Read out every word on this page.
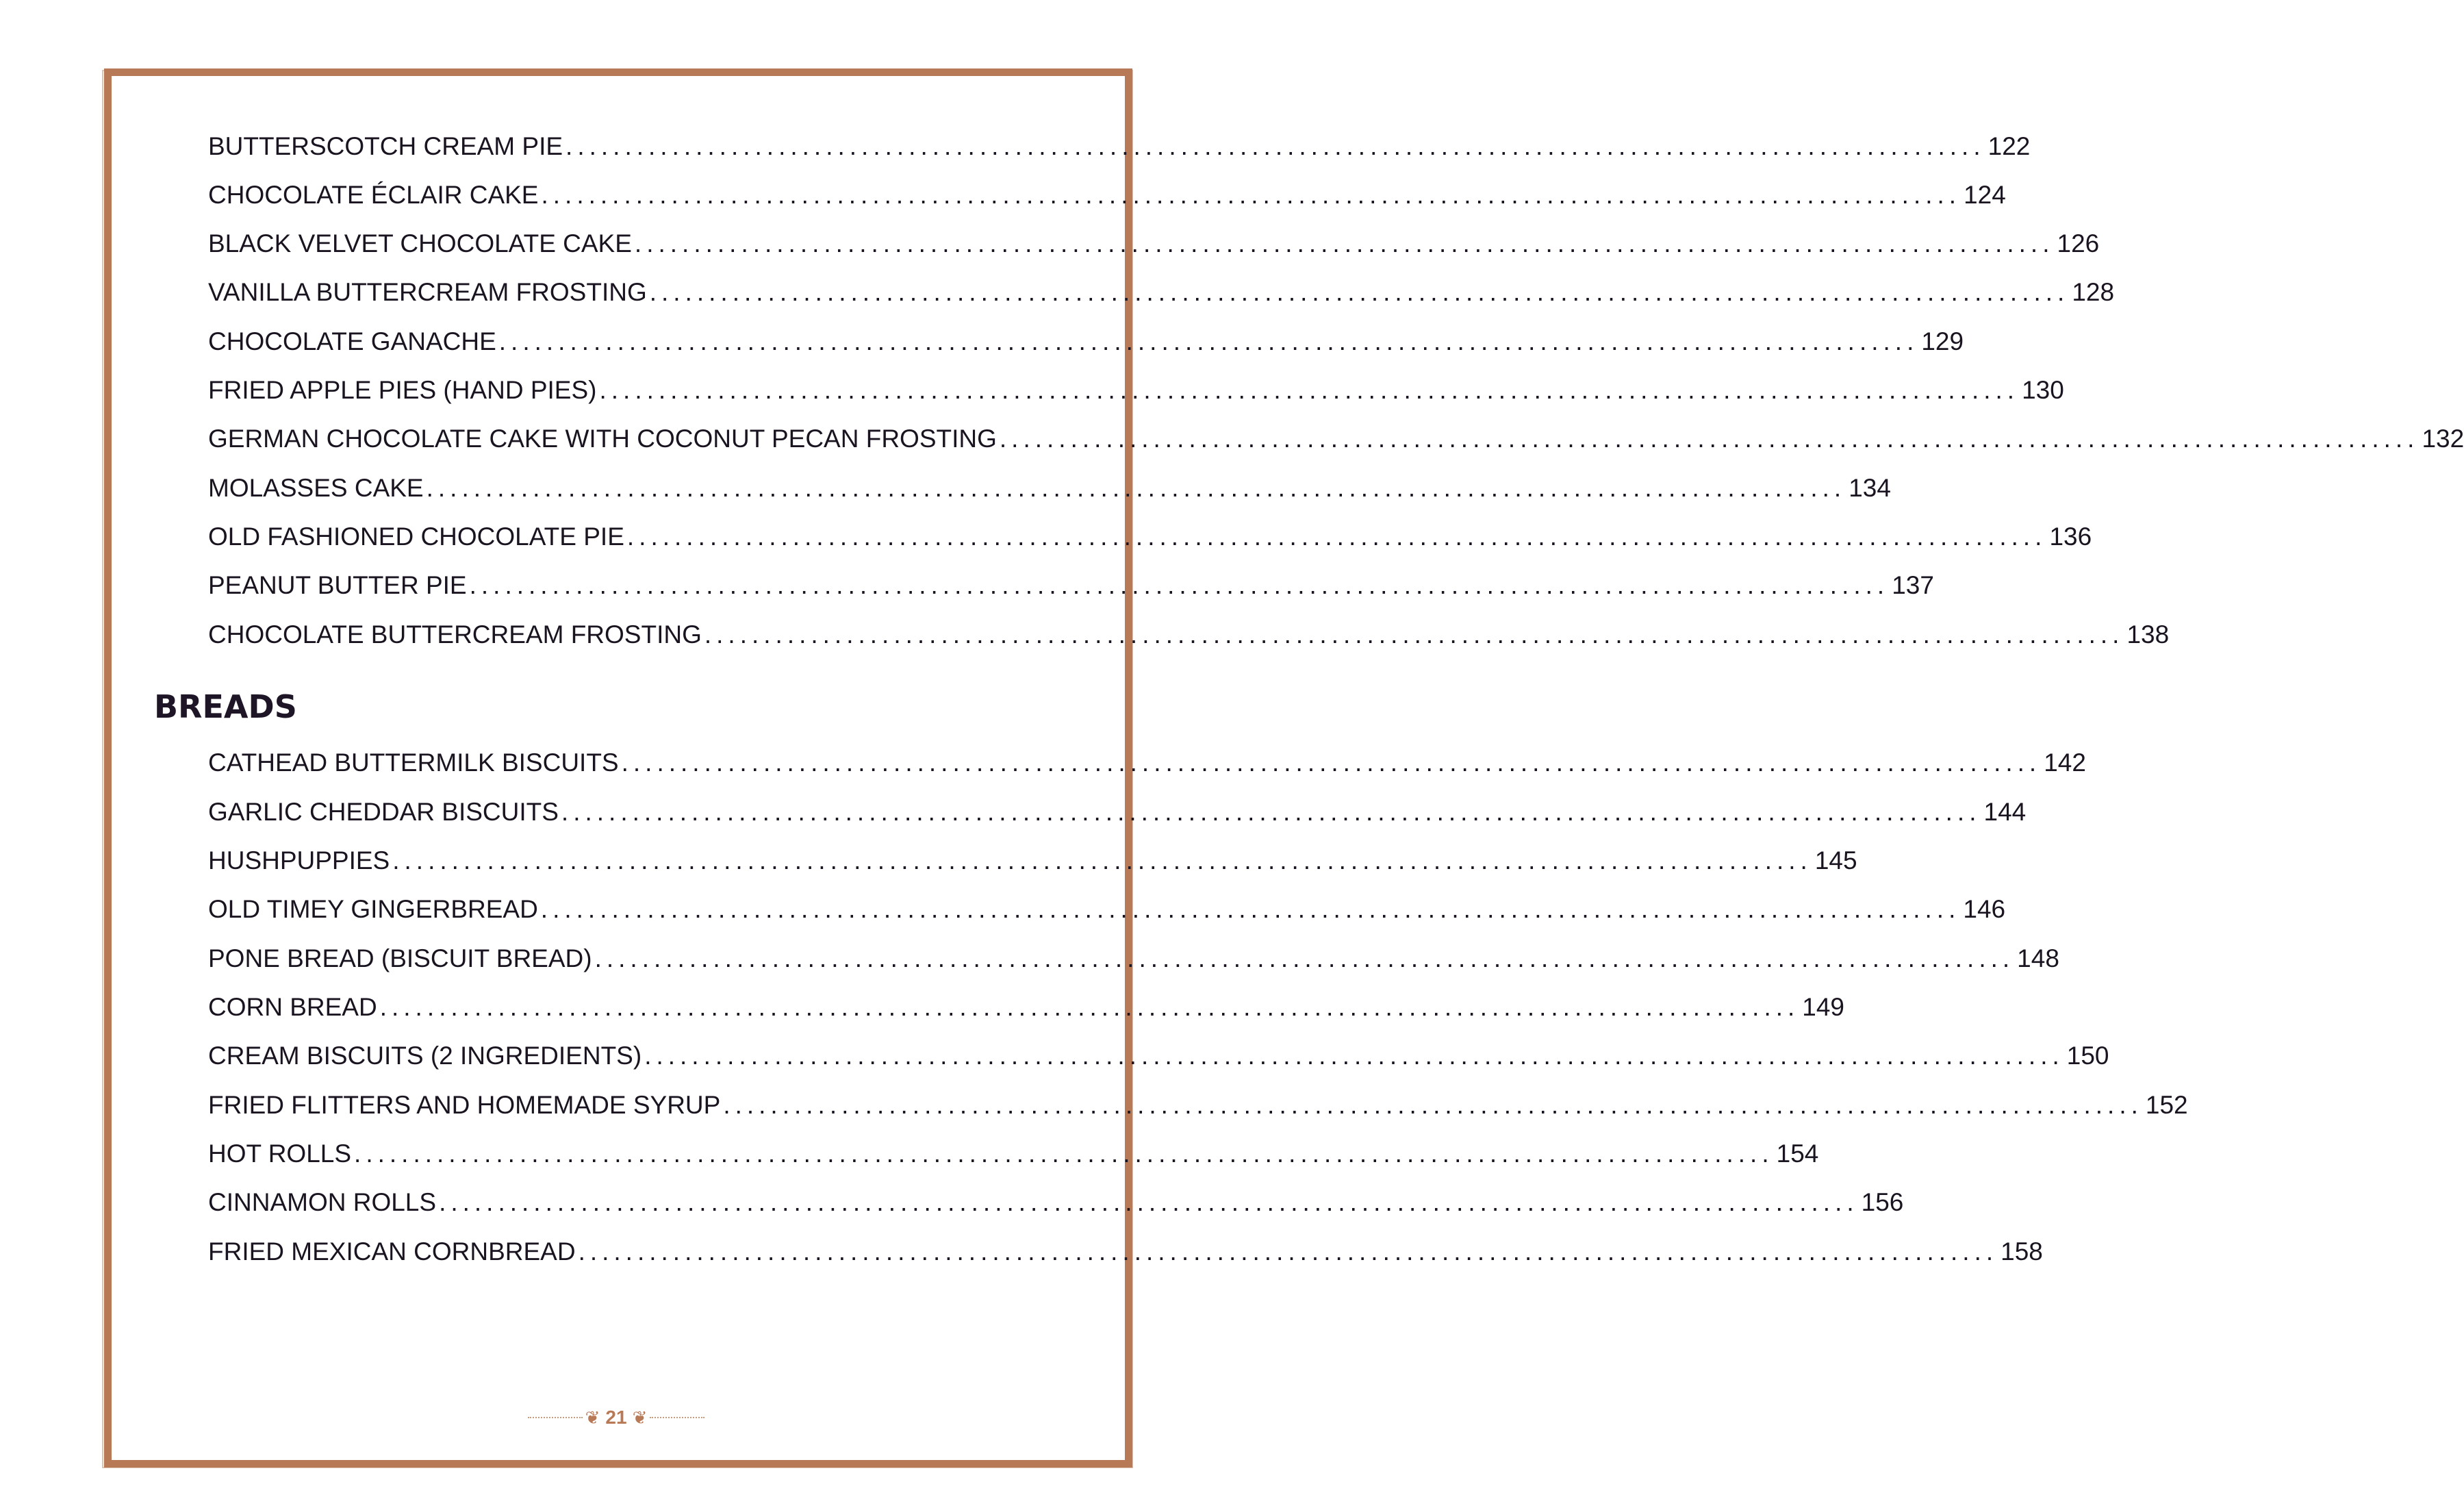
BUTTERSCOTCH CREAM PIE ........................................................................................................................ 122
CHOCOLATE ÉCLAIR CAKE ........................................................................................................................ 124
BLACK VELVET CHOCOLATE CAKE ........................................................................................................................ 126
VANILLA BUTTERCREAM FROSTING ........................................................................................................................ 128
CHOCOLATE GANACHE ........................................................................................................................ 129
FRIED APPLE PIES (HAND PIES) ........................................................................................................................ 130
GERMAN CHOCOLATE CAKE WITH COCONUT PECAN FROSTING ........................................................................................................................ 132
MOLASSES CAKE ........................................................................................................................ 134
OLD FASHIONED CHOCOLATE PIE ........................................................................................................................ 136
PEANUT BUTTER PIE ........................................................................................................................ 137
CHOCOLATE BUTTERCREAM FROSTING ........................................................................................................................ 138
BREADS
CATHEAD BUTTERMILK BISCUITS ........................................................................................................................ 142
GARLIC CHEDDAR BISCUITS ........................................................................................................................ 144
HUSHPUPPIES ........................................................................................................................ 145
OLD TIMEY GINGERBREAD ........................................................................................................................ 146
PONE BREAD (BISCUIT BREAD) ........................................................................................................................ 148
CORN BREAD ........................................................................................................................ 149
CREAM BISCUITS (2 INGREDIENTS) ........................................................................................................................ 150
FRIED FLITTERS AND HOMEMADE SYRUP ........................................................................................................................ 152
HOT ROLLS ........................................................................................................................ 154
CINNAMON ROLLS ........................................................................................................................ 156
FRIED MEXICAN CORNBREAD ........................................................................................................................ 158
❦ 21 ❦
